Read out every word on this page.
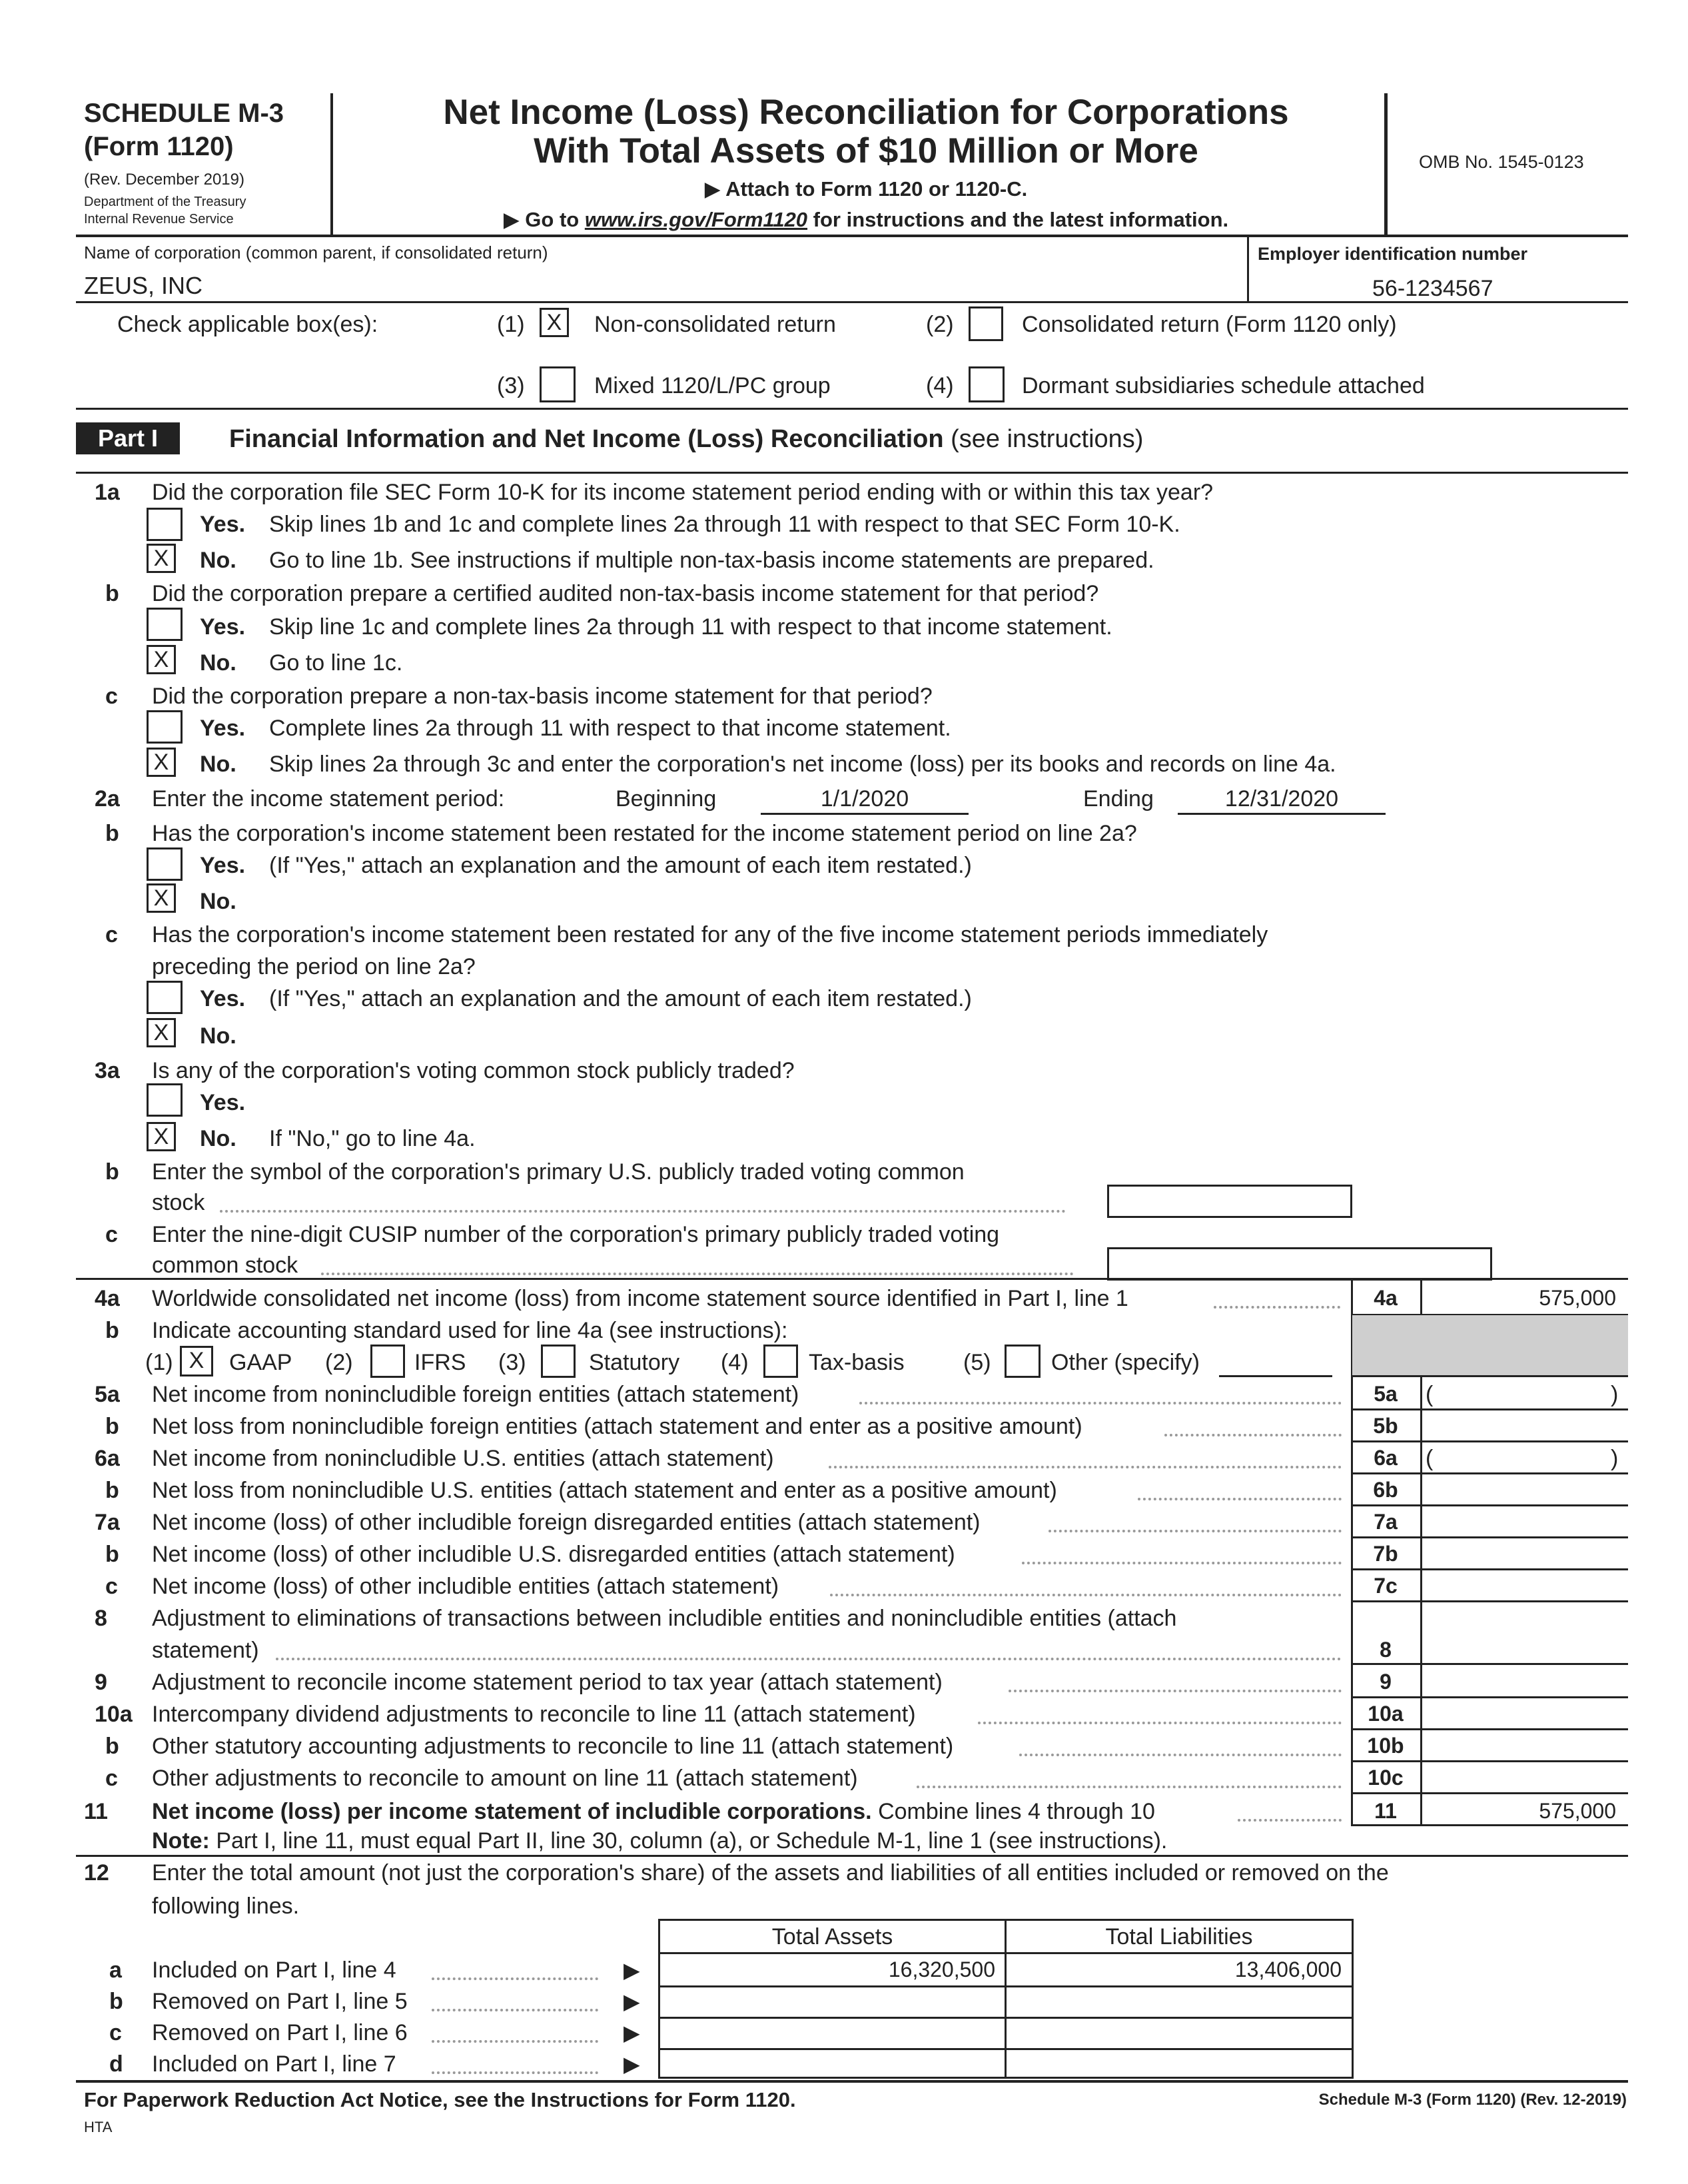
SCHEDULE M-3
(Form 1120)
(Rev. December 2019)
Department of the Treasury
Internal Revenue Service
Net Income (Loss) Reconciliation for Corporations
With Total Assets of $10 Million or More
▶ Attach to Form 1120 or 1120-C.
▶ Go to www.irs.gov/Form1120 for instructions and the latest information.
OMB No. 1545-0123
Name of corporation (common parent, if consolidated return)
ZEUS, INC
Employer identification number
56-1234567
Check applicable box(es):	(1) X	Non-consolidated return	(2)	Consolidated return (Form 1120 only)
(3)	Mixed 1120/L/PC group	(4)	Dormant subsidiaries schedule attached
Part I	Financial Information and Net Income (Loss) Reconciliation (see instructions)
1a Did the corporation file SEC Form 10-K for its income statement period ending with or within this tax year?
Yes. Skip lines 1b and 1c and complete lines 2a through 11 with respect to that SEC Form 10-K.
X	No. Go to line 1b. See instructions if multiple non-tax-basis income statements are prepared.
b Did the corporation prepare a certified audited non-tax-basis income statement for that period?
Yes. Skip line 1c and complete lines 2a through 11 with respect to that income statement.
X	No. Go to line 1c.
c Did the corporation prepare a non-tax-basis income statement for that period?
Yes. Complete lines 2a through 11 with respect to that income statement.
X	No. Skip lines 2a through 3c and enter the corporation's net income (loss) per its books and records on line 4a.
2a Enter the income statement period:	Beginning	1/1/2020	Ending	12/31/2020
b Has the corporation's income statement been restated for the income statement period on line 2a?
Yes. (If "Yes," attach an explanation and the amount of each item restated.)
X	No.
c Has the corporation's income statement been restated for any of the five income statement periods immediately
preceding the period on line 2a?
Yes. (If "Yes," attach an explanation and the amount of each item restated.)
X	No.
3a Is any of the corporation's voting common stock publicly traded?
Yes.
X	No. If "No," go to line 4a.
b Enter the symbol of the corporation's primary U.S. publicly traded voting common
stock
c Enter the nine-digit CUSIP number of the corporation's primary publicly traded voting
common stock
4a Worldwide consolidated net income (loss) from income statement source identified in Part I, line 1	4a	575,000
b Indicate accounting standard used for line 4a (see instructions):
(1) X	GAAP (2)	IFRS (3)	Statutory (4)	Tax-basis	(5)	Other (specify)
5a Net income from nonincludible foreign entities (attach statement)	5a	(	)
b Net loss from nonincludible foreign entities (attach statement and enter as a positive amount)	5b
6a Net income from nonincludible U.S. entities (attach statement)	6a	(	)
b Net loss from nonincludible U.S. entities (attach statement and enter as a positive amount)	6b
7a Net income (loss) of other includible foreign disregarded entities (attach statement)	7a
b Net income (loss) of other includible U.S. disregarded entities (attach statement)	7b
c Net income (loss) of other includible entities (attach statement)	7c
8 Adjustment to eliminations of transactions between includible entities and nonincludible entities (attach
statement)	8
9 Adjustment to reconcile income statement period to tax year (attach statement)	9
10a Intercompany dividend adjustments to reconcile to line 11 (attach statement)	10a
b Other statutory accounting adjustments to reconcile to line 11 (attach statement)	10b
c Other adjustments to reconcile to amount on line 11 (attach statement)	10c
11 Net income (loss) per income statement of includible corporations. Combine lines 4 through 10	11	575,000
Note: Part I, line 11, must equal Part II, line 30, column (a), or Schedule M-1, line 1 (see instructions).
12 Enter the total amount (not just the corporation's share) of the assets and liabilities of all entities included or removed on the
following lines.
Total Assets	Total Liabilities
a Included on Part I, line 4	▶	16,320,500	13,406,000
b Removed on Part I, line 5	▶
c Removed on Part I, line 6	▶
d Included on Part I, line 7	▶
For Paperwork Reduction Act Notice, see the Instructions for Form 1120.
HTA
Schedule M-3 (Form 1120) (Rev. 12-2019)
